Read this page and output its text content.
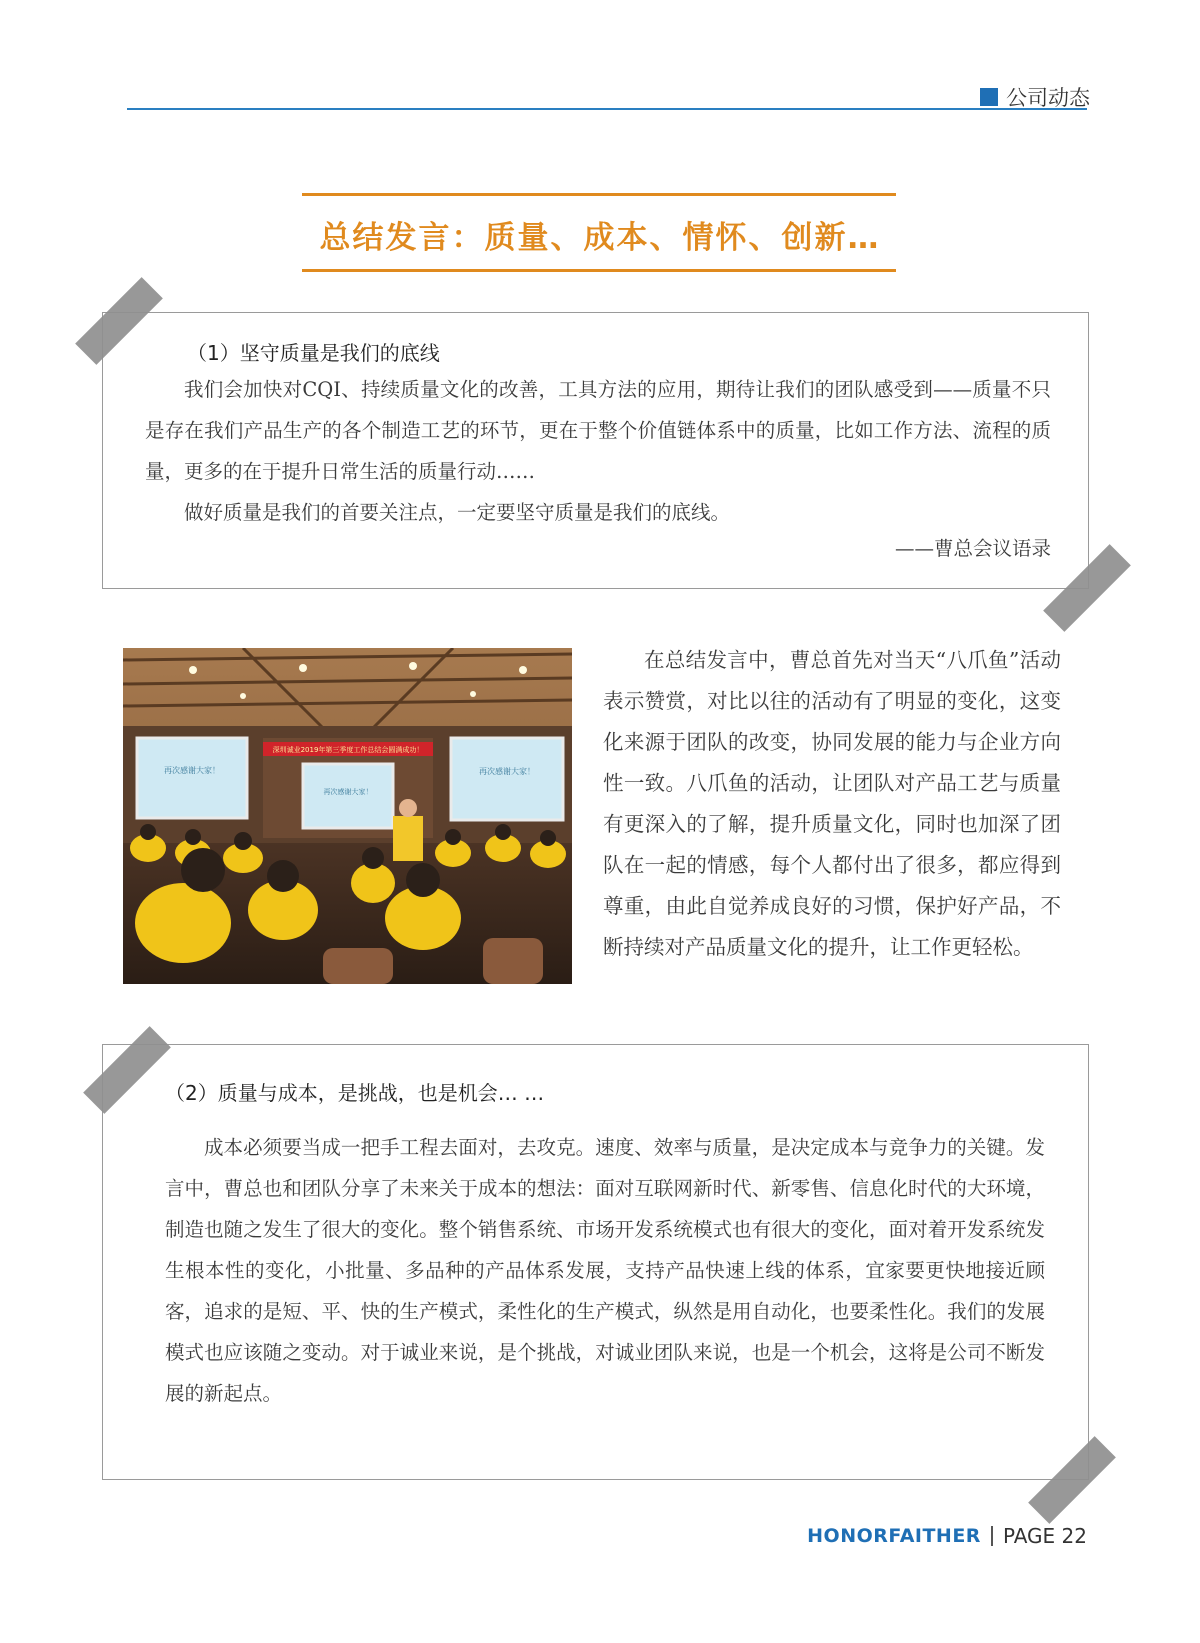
公司动态
总结发言：质量、成本、情怀、创新…
（1）坚守质量是我们的底线

我们会加快对CQI、持续质量文化的改善，工具方法的应用，期待让我们的团队感受到——质量不只是存在我们产品生产的各个制造工艺的环节，更在于整个价值链体系中的质量，比如工作方法、流程的质量，更多的在于提升日常生活的质量行动……

做好质量是我们的首要关注点，一定要坚守质量是我们的底线。

——曹总会议语录
深圳诚业2019年第三季度工作总结会圆满成功！
再次感谢大家！
再次感谢大家！
再次感谢大家！

在总结发言中，曹总首先对当天“八爪鱼”活动表示赞赏，对比以往的活动有了明显的变化，这变化来源于团队的改变，协同发展的能力与企业方向性一致。八爪鱼的活动，让团队对产品工艺与质量有更深入的了解，提升质量文化，同时也加深了团队在一起的情感，每个人都付出了很多，都应得到尊重，由此自觉养成良好的习惯，保护好产品，不断持续对产品质量文化的提升，让工作更轻松。

（2）质量与成本，是挑战，也是机会… …

成本必须要当成一把手工程去面对，去攻克。速度、效率与质量，是决定成本与竞争力的关键。发言中，曹总也和团队分享了未来关于成本的想法：面对互联网新时代、新零售、信息化时代的大环境，制造也随之发生了很大的变化。整个销售系统、市场开发系统模式也有很大的变化，面对着开发系统发生根本性的变化，小批量、多品种的产品体系发展，支持产品快速上线的体系，宜家要更快地接近顾客，追求的是短、平、快的生产模式，柔性化的生产模式，纵然是用自动化，也要柔性化。我们的发展模式也应该随之变动。对于诚业来说，是个挑战，对诚业团队来说，也是一个机会，这将是公司不断发展的新起点。

HONORFAITHER PAGE 22
